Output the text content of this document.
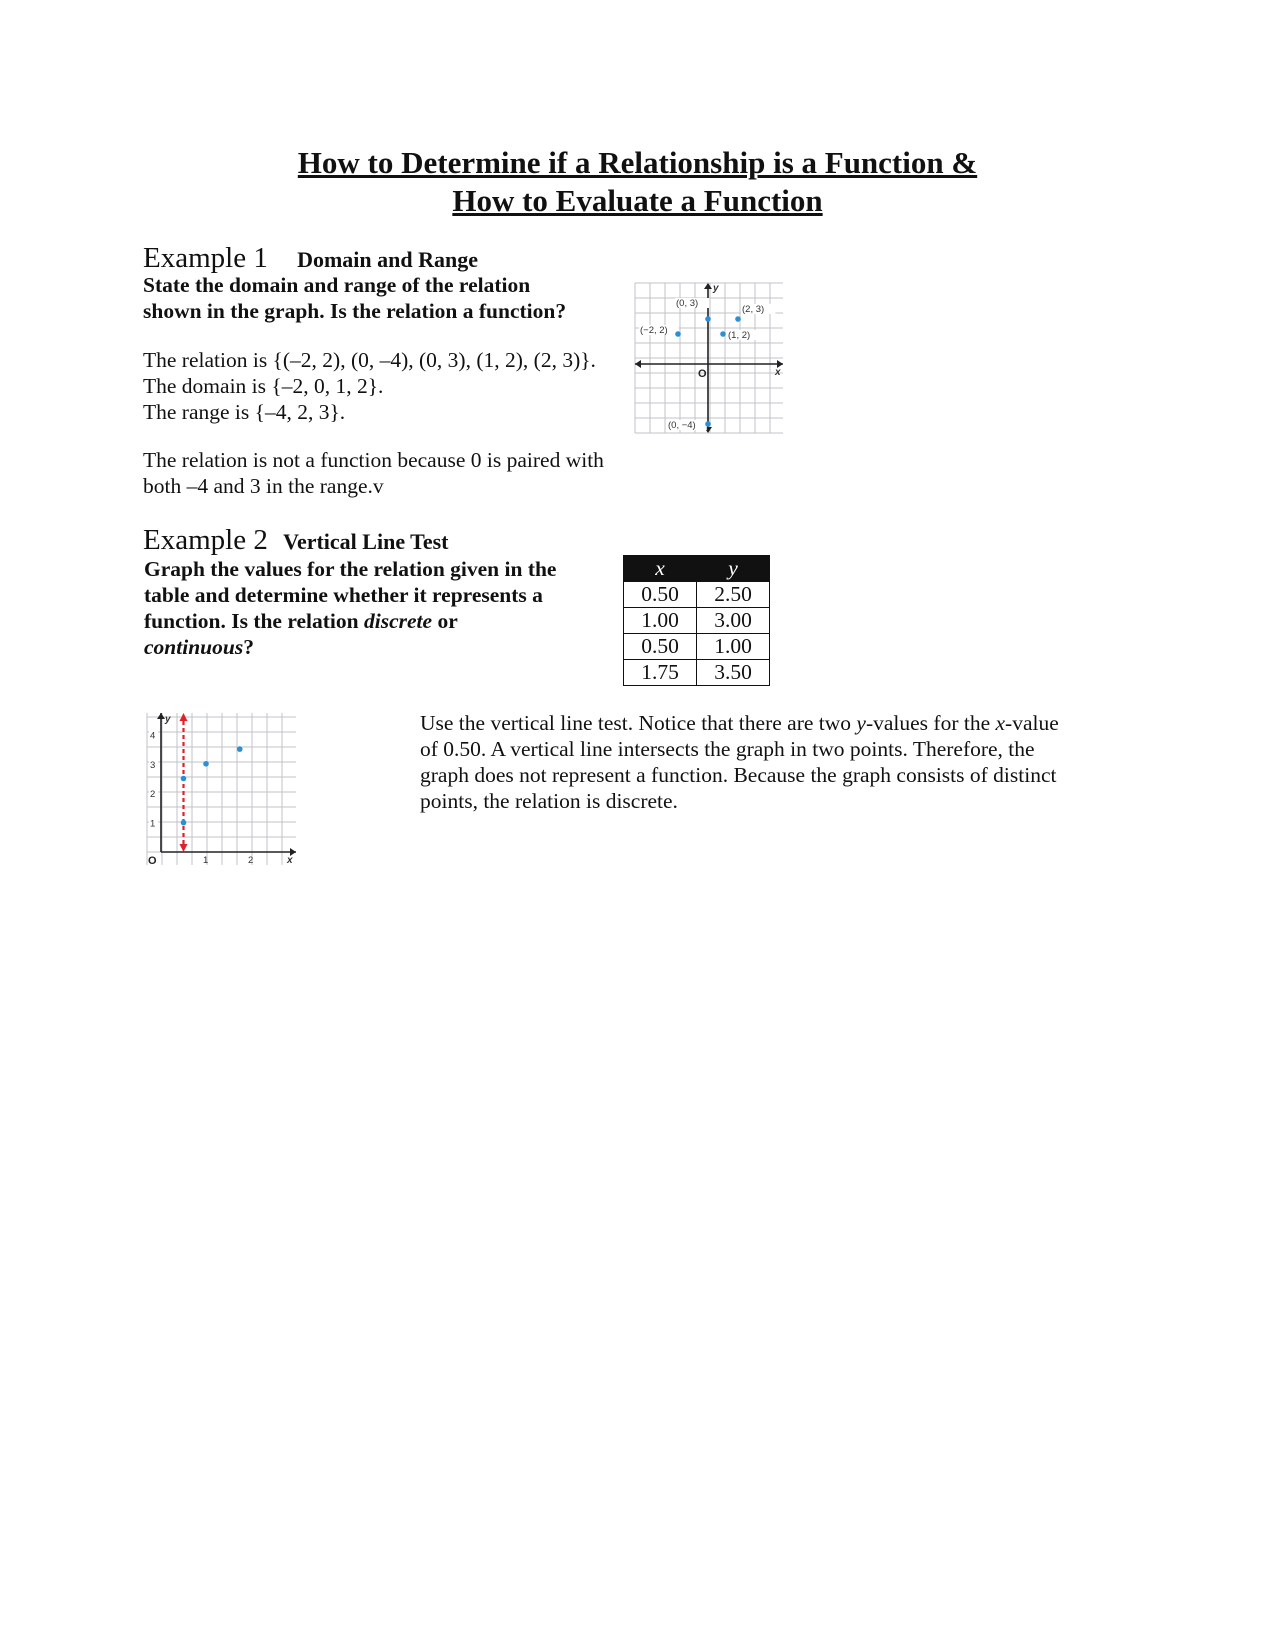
How to Determine if a Relationship is a Function &
How to Evaluate a Function
Example 1 Domain and Range
State the domain and range of the relation
shown in the graph. Is the relation a function?
The relation is {(–2, 2), (0, –4), (0, 3), (1, 2), (2, 3)}.
The domain is {–2, 0, 1, 2}.
The range is {–4, 2, 3}.
The relation is not a function because 0 is paired with
both –4 and 3 in the range.v
y
x
O
(−2, 2)
(0, 3)
(0, −4)
(1, 2)
(2, 3)
Example 2 Vertical Line Test
Graph the values for the relation given in the
table and determine whether it represents a
function. Is the relation discrete or
continuous?
x	y
0.50	2.50
1.00	3.00
0.50	1.00
1.75	3.50
y
x
O
1
2
3
4
1	2
Use the vertical line test. Notice that there are two y-values for the x-value
of 0.50. A vertical line intersects the graph in two points. Therefore, the
graph does not represent a function. Because the graph consists of distinct
points, the relation is discrete.
